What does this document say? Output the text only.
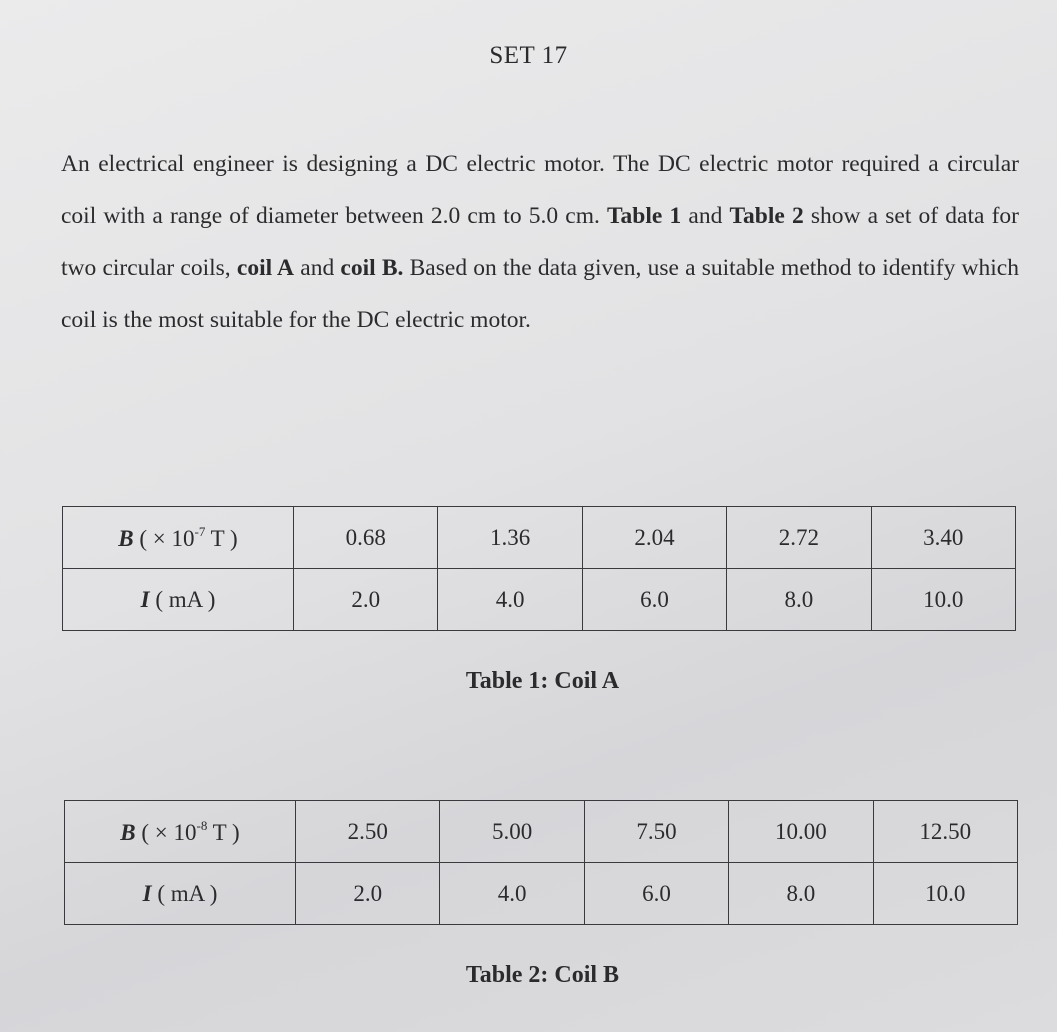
SET 17
An electrical engineer is designing a DC electric motor. The DC electric motor required a circular coil with a range of diameter between 2.0 cm to 5.0 cm. Table 1 and Table 2 show a set of data for two circular coils, coil A and coil B. Based on the data given, use a suitable method to identify which coil is the most suitable for the DC electric motor.
B ( × $10^{-7}$ T )	0.68	1.36	2.04	2.72	3.40
I ( mA )	2.0	4.0	6.0	8.0	10.0
Table 1: Coil A
B ( × $10^{-8}$ T )	2.50	5.00	7.50	10.00	12.50
I ( mA )	2.0	4.0	6.0	8.0	10.0
Table 2: Coil B
